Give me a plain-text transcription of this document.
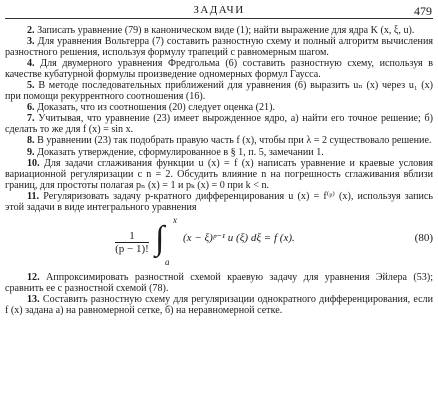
ЗАДАЧИ	479

2. Записать уравнение (79) в каноническом виде (1); найти выражение для ядра K (x, ξ, u).

3. Для уравнения Вольтерра (7) составить разностную схему и полный алгоритм вычисления разностного решения, используя формулу трапеций с равномерным шагом.

4. Для двумерного уравнения Фредгольма (6) составить разностную схему, используя в качестве кубатурной формулы произведение одномерных формул Гаусса.

5. В методе последовательных приближений для уравнения (6) выразить uₙ (x) через u₁ (x) при помощи рекуррентного соотношения (16).

6. Доказать, что из соотношения (20) следует оценка (21).

7. Учитывая, что уравнение (23) имеет вырожденное ядро, а) найти его точное решение; б) сделать то же для f (x) = sin x.

8. В уравнении (23) так подобрать правую часть f (x), чтобы при λ = 2 существовало решение.

9. Доказать утверждение, сформулированное в § 1, п. 5, замечании 1.

10. Для задачи сглаживания функции u (x) = f (x) написать уравнение и краевые условия вариационной регуляризации с n = 2. Обсудить влияние n на погрешность сглаживания вблизи границ, для простоты полагая pₙ (x) = 1 и pₖ (x) = 0 при k < n.

11. Регуляризовать задачу p-кратного дифференцирования u (x) = f⁽ᵖ⁾ (x), используя запись этой задачи в виде интегрального уравнения

$\frac{1}{(p - 1)!}$ ∫ x
a
(x − ξ)ᵖ⁻¹ u (ξ) dξ = f (x).	(80)

12. Аппроксимировать разностной схемой краевую задачу для уравнения Эйлера (53); сравнить ее с разностной схемой (78).

13. Составить разностную схему для регуляризации однократного дифференцирования, если f (x) задана а) на равномерной сетке, б) на неравномерной сетке.
